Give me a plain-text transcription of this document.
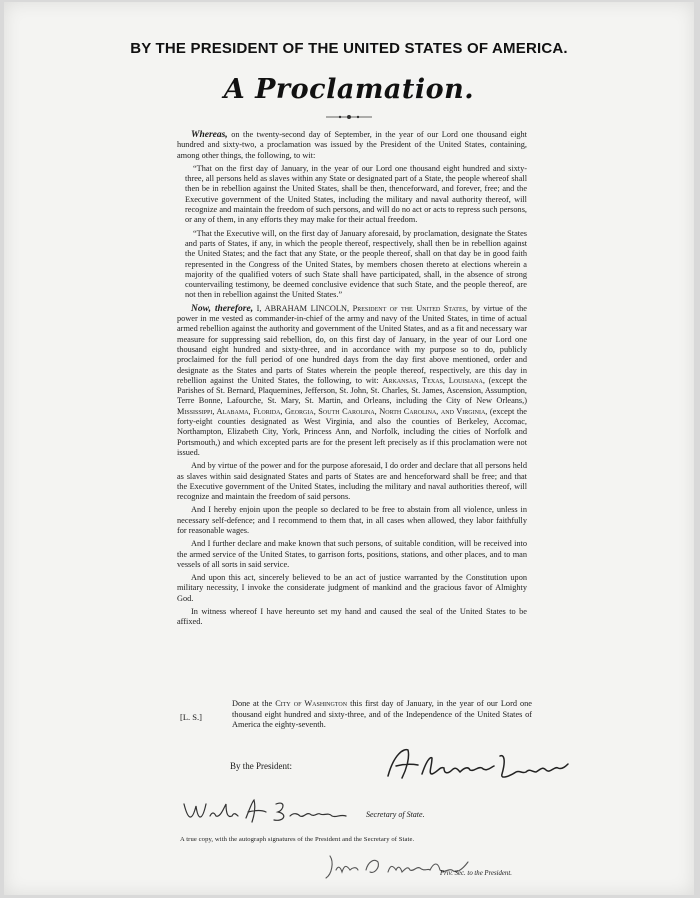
BY THE PRESIDENT OF THE UNITED STATES OF AMERICA.
A Proclamation.

Whereas, on the twenty-second day of September, in the year of our Lord one thousand eight hundred and sixty-two, a proclamation was issued by the President of the United States, containing, among other things, the following, to wit:

“That on the first day of January, in the year of our Lord one thousand eight hundred and sixty-three, all persons held as slaves within any State or designated part of a State, the people whereof shall then be in rebellion against the United States, shall be then, thenceforward, and forever, free; and the Executive government of the United States, including the military and naval authority thereof, will recognize and maintain the freedom of such persons, and will do no act or acts to repress such persons, or any of them, in any efforts they may make for their actual freedom.

“That the Executive will, on the first day of January aforesaid, by proclamation, designate the States and parts of States, if any, in which the people thereof, respectively, shall then be in rebellion against the United States; and the fact that any State, or the people thereof, shall on that day be in good faith represented in the Congress of the United States, by members chosen thereto at elections wherein a majority of the qualified voters of such State shall have participated, shall, in the absence of strong countervailing testimony, be deemed conclusive evidence that such State, and the people thereof, are not then in rebellion against the United States.”

Now, therefore, I, ABRAHAM LINCOLN, President of the United States, by virtue of the power in me vested as commander-in-chief of the army and navy of the United States, in time of actual armed rebellion against the authority and government of the United States, and as a fit and necessary war measure for suppressing said rebellion, do, on this first day of January, in the year of our Lord one thousand eight hundred and sixty-three, and in accordance with my purpose so to do, publicly proclaimed for the full period of one hundred days from the day first above mentioned, order and designate as the States and parts of States wherein the people thereof, respectively, are this day in rebellion against the United States, the following, to wit: Arkansas, Texas, Louisiana, (except the Parishes of St. Bernard, Plaquemines, Jefferson, St. John, St. Charles, St. James, Ascension, Assumption, Terre Bonne, Lafourche, St. Mary, St. Martin, and Orleans, including the City of New Orleans,) Mississippi, Alabama, Florida, Georgia, South Carolina, North Carolina, and Virginia, (except the forty-eight counties designated as West Virginia, and also the counties of Berkeley, Accomac, Northampton, Elizabeth City, York, Princess Ann, and Norfolk, including the cities of Norfolk and Portsmouth,) and which excepted parts are for the present left precisely as if this proclamation were not issued.

And by virtue of the power and for the purpose aforesaid, I do order and declare that all persons held as slaves within said designated States and parts of States are and henceforward shall be free; and that the Executive government of the United States, including the military and naval authorities thereof, will recognize and maintain the freedom of said persons.

And I hereby enjoin upon the people so declared to be free to abstain from all violence, unless in necessary self-defence; and I recommend to them that, in all cases when allowed, they labor faithfully for reasonable wages.

And I further declare and make known that such persons, of suitable condition, will be received into the armed service of the United States, to garrison forts, positions, stations, and other places, and to man vessels of all sorts in said service.

And upon this act, sincerely believed to be an act of justice warranted by the Constitution upon military necessity, I invoke the considerate judgment of mankind and the gracious favor of Almighty God.

In witness whereof I have hereunto set my hand and caused the seal of the United States to be affixed.

[L. S.]
Done at the City of Washington this first day of January, in the year of our Lord one thousand eight hundred and sixty-three, and of the Independence of the United States of America the eighty-seventh.
By the President:
Secretary of State.
A true copy, with the autograph signatures of the President and the Secretary of State.
Priv. Sec. to the President.
